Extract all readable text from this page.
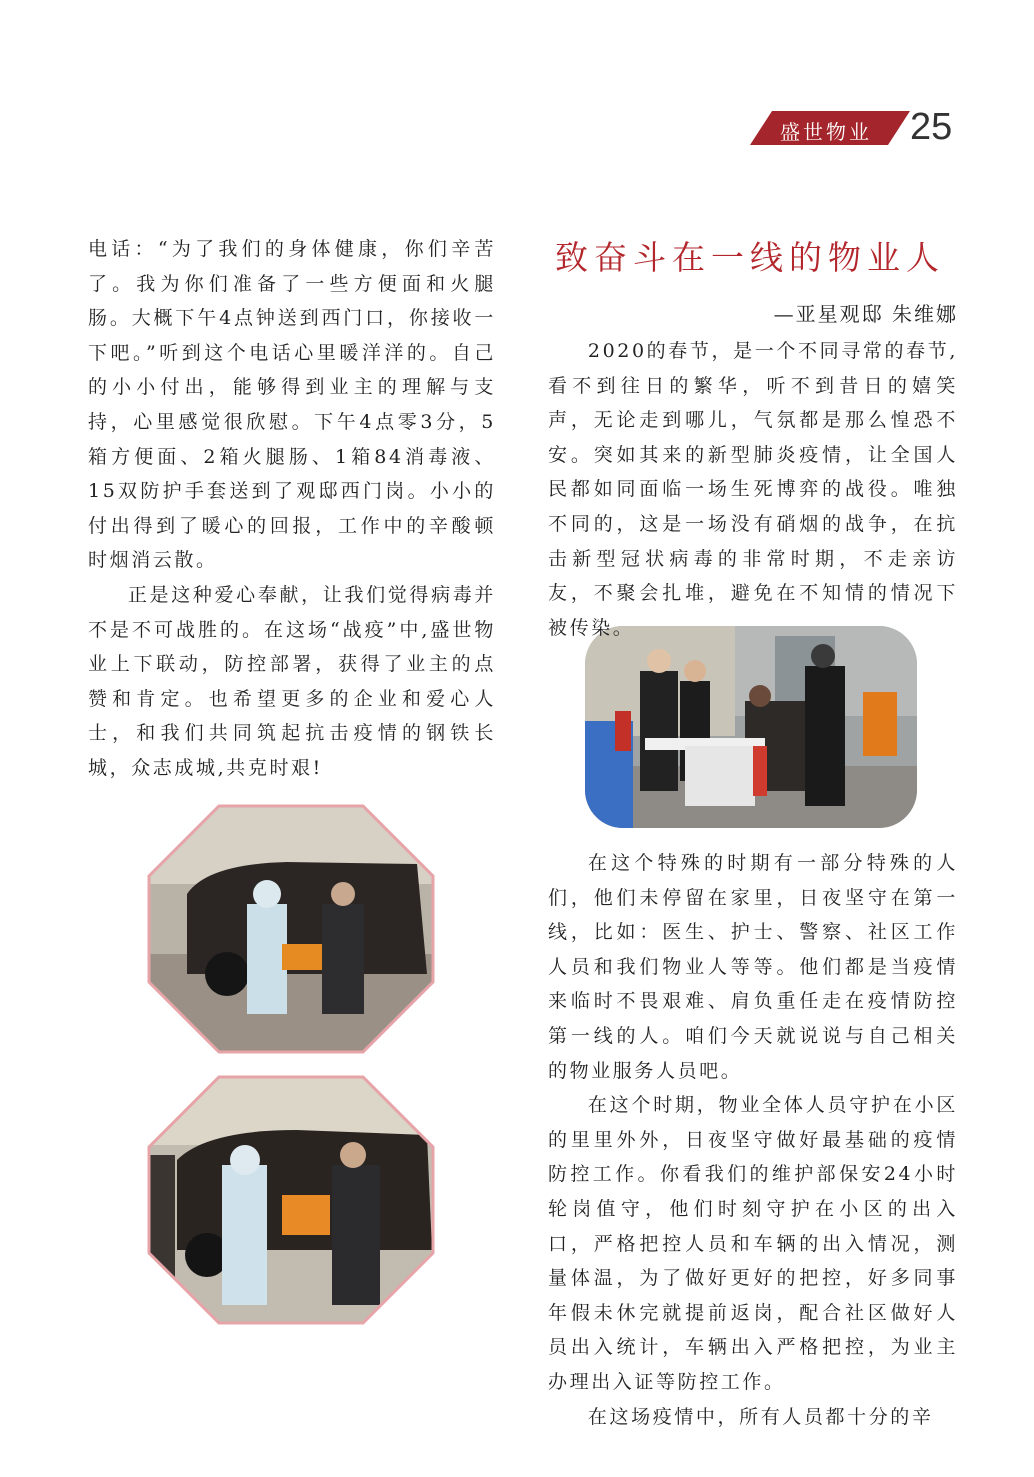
盛世物业 25

电话：“为了我们的身体健康，你们辛苦了。我为你们准备了一些方便面和火腿肠。大概下午4点钟送到西门口，你接收一下吧。”听到这个电话心里暖洋洋的。自己的小小付出，能够得到业主的理解与支持，心里感觉很欣慰。下午4点零3分，5箱方便面、2箱火腿肠、1箱84消毒液、15双防护手套送到了观邸西门岗。小小的付出得到了暖心的回报，工作中的辛酸顿时烟消云散。

正是这种爱心奉献，让我们觉得病毒并不是不可战胜的。在这场“战疫”中,盛世物业上下联动，防控部署，获得了业主的点赞和肯定。也希望更多的企业和爱心人士，和我们共同筑起抗击疫情的钢铁长城，众志成城,共克时艰!

致奋斗在一线的物业人
—亚星观邸 朱维娜

2020的春节，是一个不同寻常的春节,看不到往日的繁华，听不到昔日的嬉笑声，无论走到哪儿，气氛都是那么惶恐不安。突如其来的新型肺炎疫情，让全国人民都如同面临一场生死博弈的战役。唯独不同的，这是一场没有硝烟的战争，在抗击新型冠状病毒的非常时期，不走亲访友，不聚会扎堆，避免在不知情的情况下被传染。

在这个特殊的时期有一部分特殊的人们，他们未停留在家里，日夜坚守在第一线，比如：医生、护士、警察、社区工作人员和我们物业人等等。他们都是当疫情来临时不畏艰难、肩负重任走在疫情防控第一线的人。咱们今天就说说与自己相关的物业服务人员吧。

在这个时期，物业全体人员守护在小区的里里外外，日夜坚守做好最基础的疫情防控工作。你看我们的维护部保安24小时轮岗值守，他们时刻守护在小区的出入口，严格把控人员和车辆的出入情况，测量体温，为了做好更好的把控，好多同事年假未休完就提前返岗，配合社区做好人员出入统计，车辆出入严格把控，为业主办理出入证等防控工作。

在这场疫情中，所有人员都十分的辛
